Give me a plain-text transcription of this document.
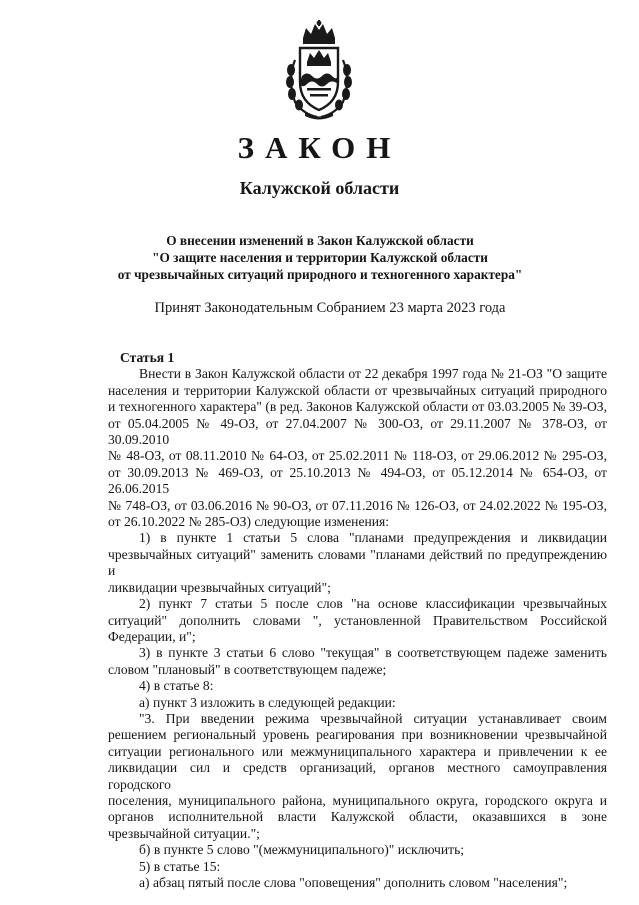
ЗАКОН
Калужской области
О внесении изменений в Закон Калужской области
"О защите населения и территории Калужской области
от чрезвычайных ситуаций природного и техногенного характера"
Принят Законодательным Собранием 23 марта 2023 года

Статья 1

Внести в Закон Калужской области от 22 декабря 1997 года № 21-ОЗ "О защите
населения и территории Калужской области от чрезвычайных ситуаций природного
и техногенного характера" (в ред. Законов Калужской области от 03.03.2005 № 39-ОЗ,
от 05.04.2005 № 49-ОЗ, от 27.04.2007 № 300-ОЗ, от 29.11.2007 № 378-ОЗ, от 30.09.2010
№ 48-ОЗ, от 08.11.2010 № 64-ОЗ, от 25.02.2011 № 118-ОЗ, от 29.06.2012 № 295-ОЗ,
от 30.09.2013 № 469-ОЗ, от 25.10.2013 № 494-ОЗ, от 05.12.2014 № 654-ОЗ, от 26.06.2015
№ 748-ОЗ, от 03.06.2016 № 90-ОЗ, от 07.11.2016 № 126-ОЗ, от 24.02.2022 № 195-ОЗ,
от 26.10.2022 № 285-ОЗ) следующие изменения:

1) в пункте 1 статьи 5 слова "планами предупреждения и ликвидации
чрезвычайных ситуаций" заменить словами "планами действий по предупреждению и
ликвидации чрезвычайных ситуаций";

2) пункт 7 статьи 5 после слов "на основе классификации чрезвычайных
ситуаций" дополнить словами ", установленной Правительством Российской
Федерации, и";

3) в пункте 3 статьи 6 слово "текущая" в соответствующем падеже заменить
словом "плановый" в соответствующем падеже;

4) в статье 8:

а) пункт 3 изложить в следующей редакции:

"3. При введении режима чрезвычайной ситуации устанавливает своим
решением региональный уровень реагирования при возникновении чрезвычайной
ситуации регионального или межмуниципального характера и привлечении к ее
ликвидации сил и средств организаций, органов местного самоуправления городского
поселения, муниципального района, муниципального округа, городского округа и
органов исполнительной власти Калужской области, оказавшихся в зоне
чрезвычайной ситуации.";

б) в пункте 5 слово "(межмуниципального)" исключить;

5) в статье 15:

а) абзац пятый после слова "оповещения" дополнить словом "населения";
